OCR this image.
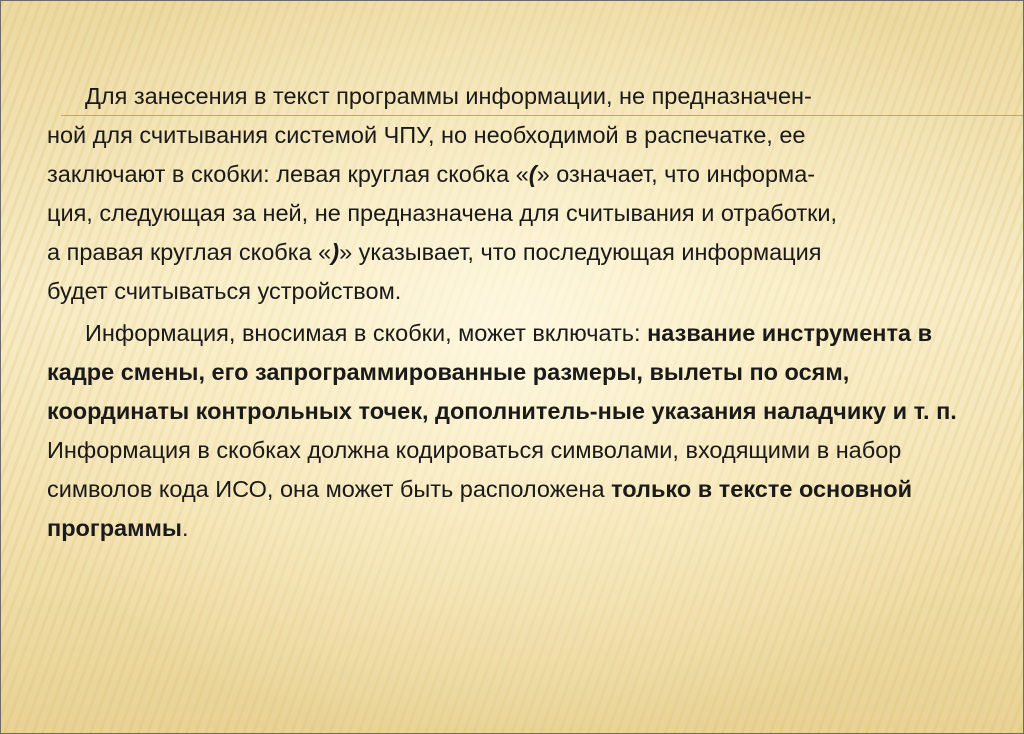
Для занесения в текст программы информации, не предназначен-
ной для считывания системой ЧПУ, но необходимой в распечатке, ее
заключают в скобки: левая круглая скобка «(» означает, что информа-
ция, следующая за ней, не предназначена для считывания и отработки,
а правая круглая скобка «)» указывает, что последующая информация
будет считываться устройством.

Информация, вносимая в скобки, может включать: название инструмента в кадре смены, его запрограммированные размеры, вылеты по осям, координаты контрольных точек, дополнитель-ные указания наладчику и т. п. Информация в скобках должна кодироваться символами, входящими в набор символов кода ИСО, она может быть расположена только в тексте основной программы.
